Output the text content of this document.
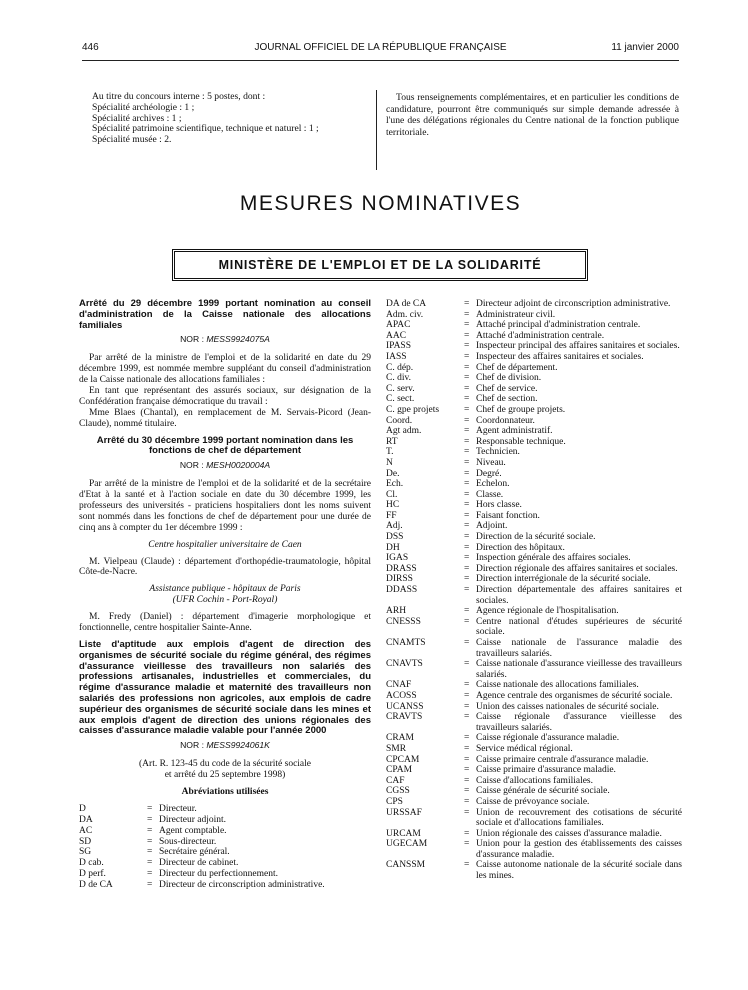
446	JOURNAL OFFICIEL DE LA RÉPUBLIQUE FRANÇAISE	11 janvier 2000
Au titre du concours interne : 5 postes, dont :
Spécialité archéologie : 1 ;
Spécialité archives : 1 ;
Spécialité patrimoine scientifique, technique et naturel : 1 ;
Spécialité musée : 2.
Tous renseignements complémentaires, et en particulier les conditions de candidature, pourront être communiqués sur simple demande adressée à l'une des délégations régionales du Centre national de la fonction publique territoriale.
MESURES NOMINATIVES
MINISTÈRE DE L'EMPLOI ET DE LA SOLIDARITÉ

Arrêté du 29 décembre 1999 portant nomination au conseil d'administration de la Caisse nationale des allocations familiales

NOR : MESS9924075A

Par arrêté de la ministre de l'emploi et de la solidarité en date du 29 décembre 1999, est nommée membre suppléant du conseil d'administration de la Caisse nationale des allocations familiales :

En tant que représentant des assurés sociaux, sur désignation de la Confédération française démocratique du travail :

Mme Blaes (Chantal), en remplacement de M. Servais-Picord (Jean-Claude), nommé titulaire.

Arrêté du 30 décembre 1999 portant nomination dans les fonctions de chef de département

NOR : MESH0020004A

Par arrêté de la ministre de l'emploi et de la solidarité et de la secrétaire d'Etat à la santé et à l'action sociale en date du 30 décembre 1999, les professeurs des universités - praticiens hospitaliers dont les noms suivent sont nommés dans les fonctions de chef de département pour une durée de cinq ans à compter du 1er décembre 1999 :

Centre hospitalier universitaire de Caen

M. Vielpeau (Claude) : département d'orthopédie-traumatologie, hôpital Côte-de-Nacre.

Assistance publique - hôpitaux de Paris

(UFR Cochin - Port-Royal)

M. Fredy (Daniel) : département d'imagerie morphologique et fonctionnelle, centre hospitalier Sainte-Anne.

Liste d'aptitude aux emplois d'agent de direction des organismes de sécurité sociale du régime général, des régimes d'assurance vieillesse des travailleurs non salariés des professions artisanales, industrielles et commerciales, du régime d'assurance maladie et maternité des travailleurs non salariés des professions non agricoles, aux emplois de cadre supérieur des organismes de sécurité sociale dans les mines et aux emplois d'agent de direction des unions régionales des caisses d'assurance maladie valable pour l'année 2000

NOR : MESS9924061K

(Art. R. 123-45 du code de la sécurité sociale

et arrêté du 25 septembre 1998)

Abréviations utilisées

D	= Directeur.
DA	= Directeur adjoint.
AC	= Agent comptable.
SD	= Sous-directeur.
SG	= Secrétaire général.
D cab.	= Directeur de cabinet.
D perf.	= Directeur du perfectionnement.
D de CA	= Directeur de circonscription administrative.
DA de CA	= Directeur adjoint de circonscription administrative.
Adm. civ.	= Administrateur civil.
APAC	= Attaché principal d'administration centrale.
AAC	= Attaché d'administration centrale.
IPASS	= Inspecteur principal des affaires sanitaires et sociales.
IASS	= Inspecteur des affaires sanitaires et sociales.
C. dép.	= Chef de département.
C. div.	= Chef de division.
C. serv.	= Chef de service.
C. sect.	= Chef de section.
C. gpe projets	= Chef de groupe projets.
Coord.	= Coordonnateur.
Agt adm.	= Agent administratif.
RT	= Responsable technique.
T.	= Technicien.
N	= Niveau.
De.	= Degré.
Ech.	= Echelon.
Cl.	= Classe.
HC	= Hors classe.
FF	= Faisant fonction.
Adj.	= Adjoint.
DSS	= Direction de la sécurité sociale.
DH	= Direction des hôpitaux.
IGAS	= Inspection générale des affaires sociales.
DRASS	= Direction régionale des affaires sanitaires et sociales.
DIRSS	= Direction interrégionale de la sécurité sociale.
DDASS	= Direction départementale des affaires sanitaires et sociales.
ARH	= Agence régionale de l'hospitalisation.
CNESSS	= Centre national d'études supérieures de sécurité sociale.
CNAMTS	= Caisse nationale de l'assurance maladie des travailleurs salariés.
CNAVTS	= Caisse nationale d'assurance vieillesse des travailleurs salariés.
CNAF	= Caisse nationale des allocations familiales.
ACOSS	= Agence centrale des organismes de sécurité sociale.
UCANSS	= Union des caisses nationales de sécurité sociale.
CRAVTS	= Caisse régionale d'assurance vieillesse des travailleurs salariés.
CRAM	= Caisse régionale d'assurance maladie.
SMR	= Service médical régional.
CPCAM	= Caisse primaire centrale d'assurance maladie.
CPAM	= Caisse primaire d'assurance maladie.
CAF	= Caisse d'allocations familiales.
CGSS	= Caisse générale de sécurité sociale.
CPS	= Caisse de prévoyance sociale.
URSSAF	= Union de recouvrement des cotisations de sécurité sociale et d'allocations familiales.
URCAM	= Union régionale des caisses d'assurance maladie.
UGECAM	= Union pour la gestion des établissements des caisses d'assurance maladie.
CANSSM	= Caisse autonome nationale de la sécurité sociale dans les mines.
